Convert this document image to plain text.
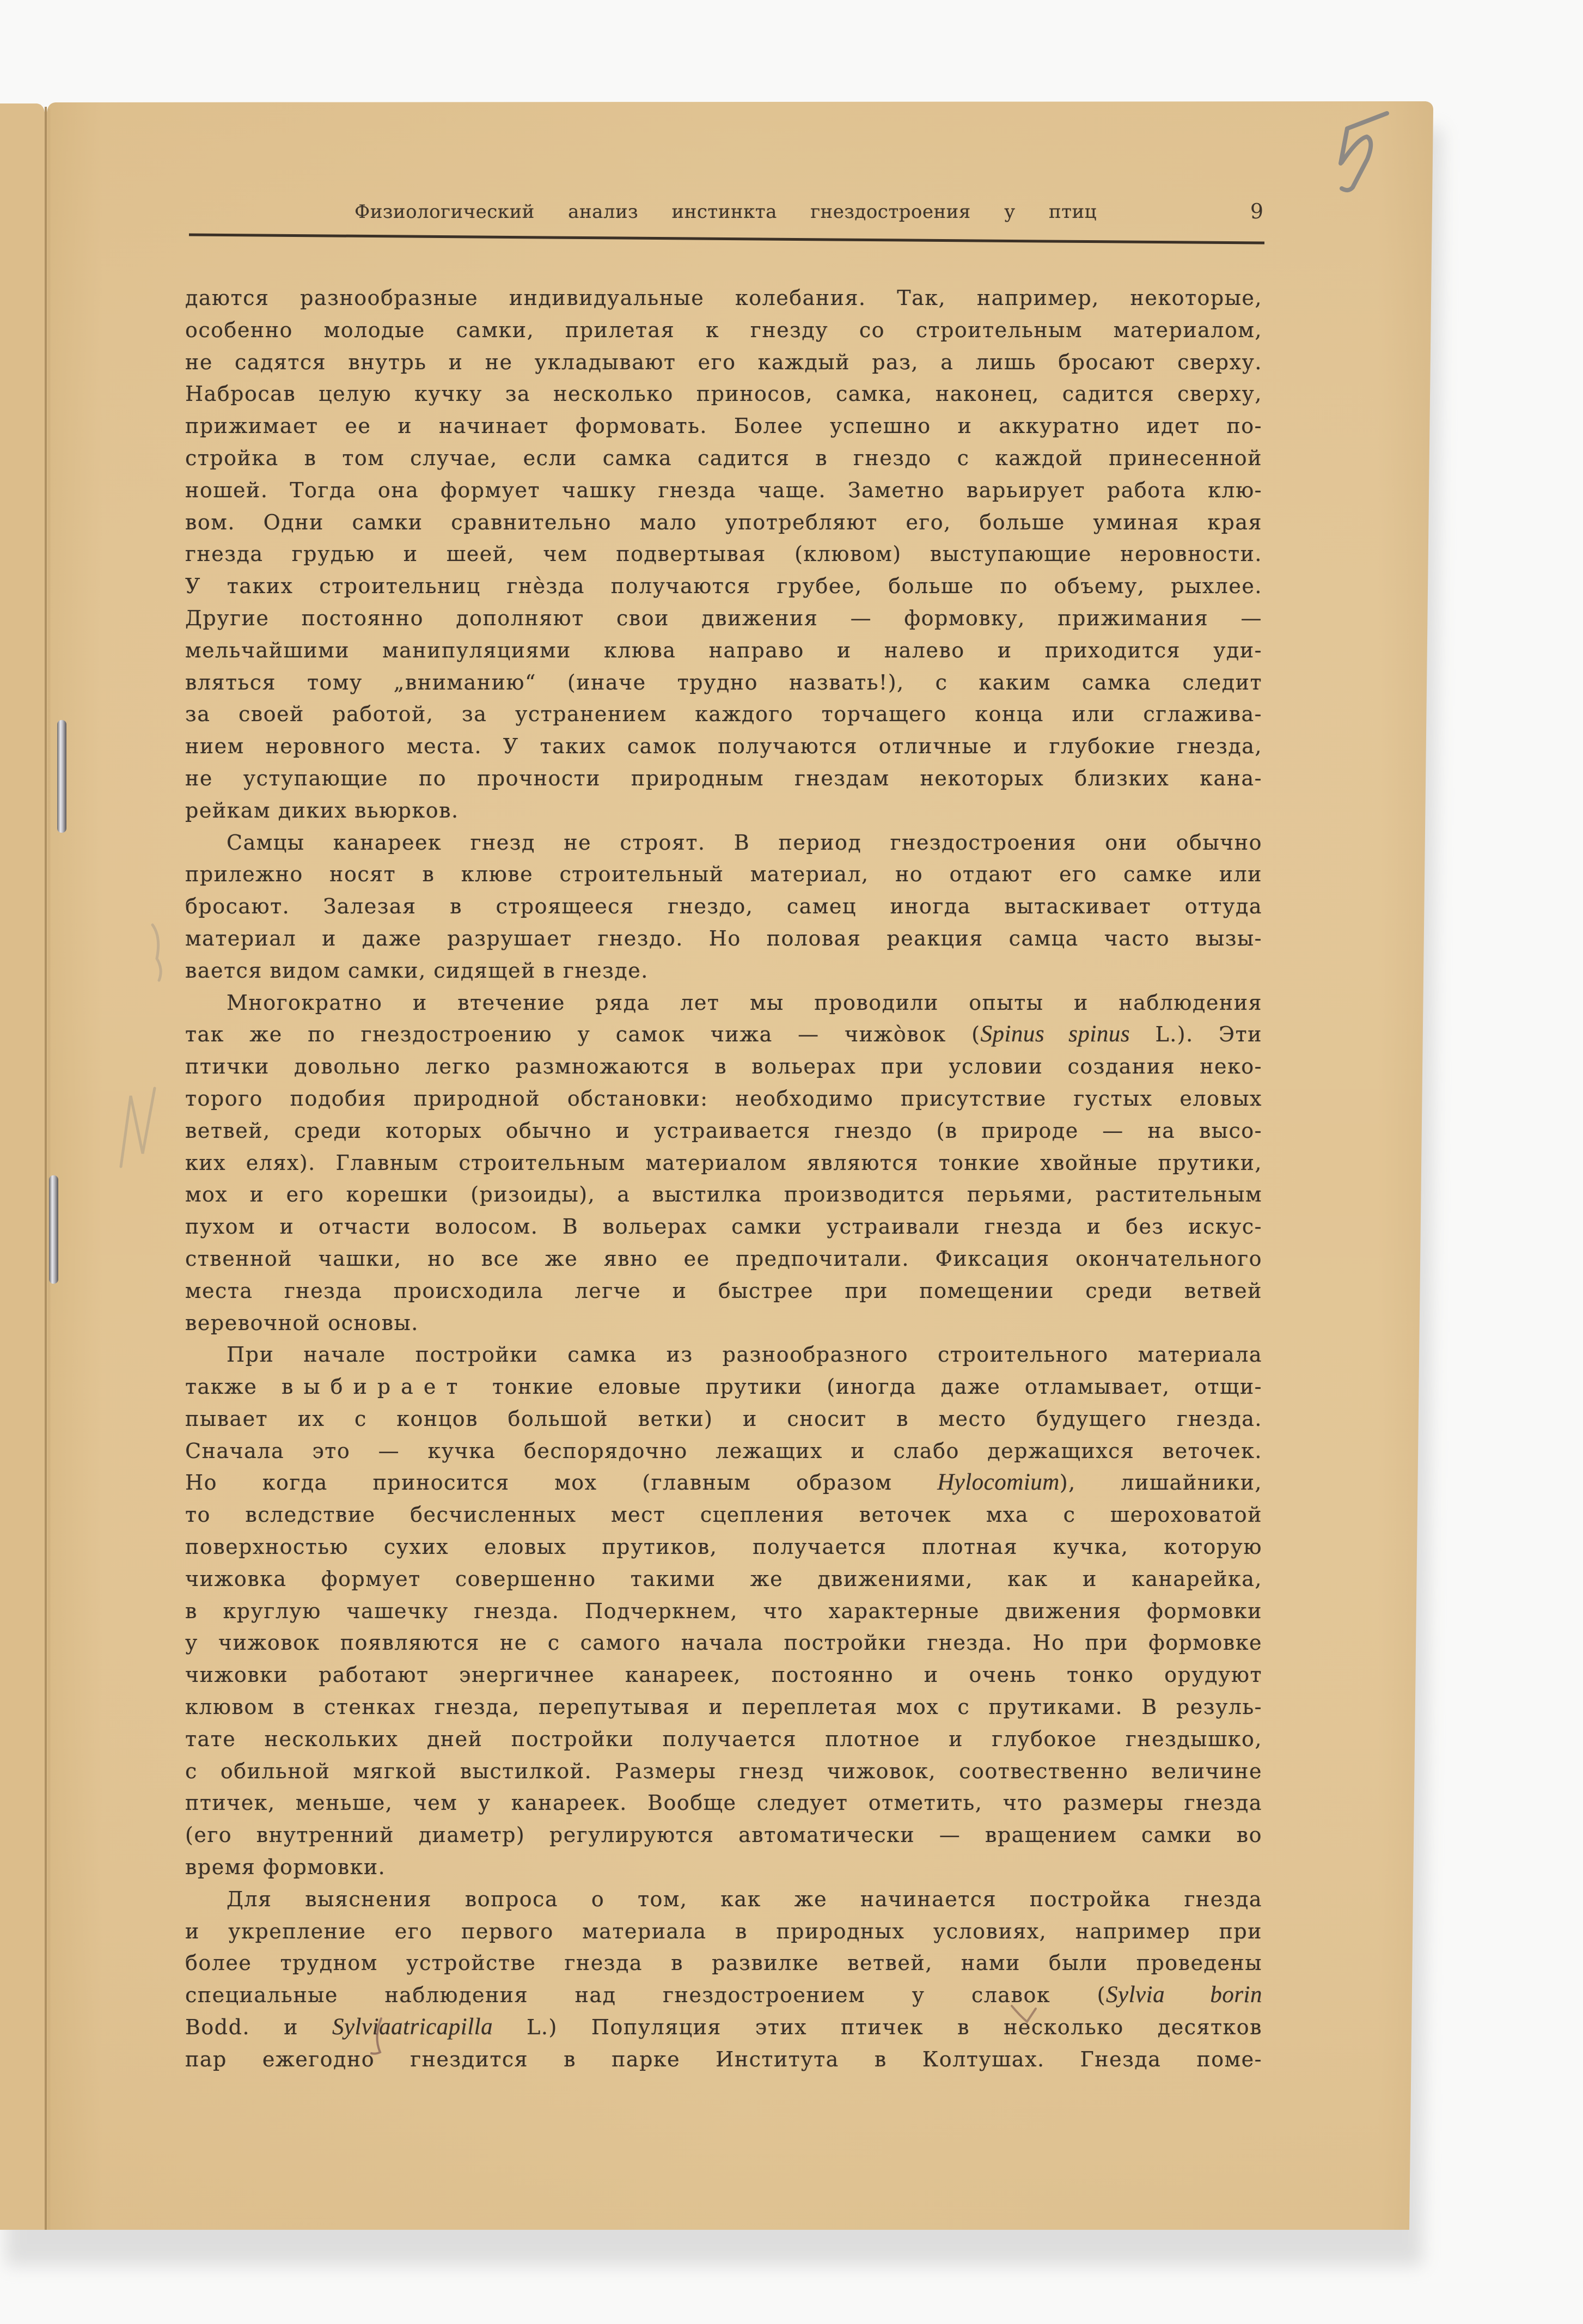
Физиологический анализ инстинкта гнездостроения у птиц	9
даются разнообразные индивидуальные колебания. Так, например, некоторые,
особенно молодые самки, прилетая к гнезду со строительным материалом,
не садятся внутрь и не укладывают его каждый раз, а лишь бросают сверху.
Набросав целую кучку за несколько приносов, самка, наконец, садится сверху,
прижимает ее и начинает формовать. Более успешно и аккуратно идет по-
стройка в том случае, если самка садится в гнездо с каждой принесенной
ношей. Тогда она формует чашку гнезда чаще. Заметно варьирует работа клю-
вом. Одни самки сравнительно мало употребляют его, больше уминая края
гнезда грудью и шеей, чем подвертывая (клювом) выступающие неровности.
У таких строительниц гнѐзда получаются грубее, больше по объему, рыхлее.
Другие постоянно дополняют свои движения — формовку, прижимания —
мельчайшими манипуляциями клюва направо и налево и приходится уди-
вляться тому „вниманию“ (иначе трудно назвать!), с каким самка следит
за своей работой, за устранением каждого торчащего конца или сглажива-
нием неровного места. У таких самок получаются отличные и глубокие гнезда,
не уступающие по прочности природным гнездам некоторых близких кана-
рейкам диких вьюрков.
Самцы канареек гнезд не строят. В период гнездостроения они обычно
прилежно носят в клюве строительный материал, но отдают его самке или
бросают. Залезая в строящееся гнездо, самец иногда вытаскивает оттуда
материал и даже разрушает гнездо. Но половая реакция самца часто вызы-
вается видом самки, сидящей в гнезде.
Многократно и втечение ряда лет мы проводили опыты и наблюдения
так же по гнездостроению у самок чижа — чижо̀вок (Spinus spinus L.). Эти
птички довольно легко размножаются в вольерах при условии создания неко-
торого подобия природной обстановки: необходимо присутствие густых еловых
ветвей, среди которых обычно и устраивается гнездо (в природе — на высо-
ких елях). Главным строительным материалом являются тонкие хвойные прутики,
мох и его корешки (ризоиды), а выстилка производится перьями, растительным
пухом и отчасти волосом. В вольерах самки устраивали гнезда и без искус-
ственной чашки, но все же явно ее предпочитали. Фиксация окончательного
места гнезда происходила легче и быстрее при помещении среди ветвей
веревочной основы.
При начале постройки самка из разнообразного строительного материала
также выбирает тонкие еловые прутики (иногда даже отламывает, отщи-
пывает их с концов большой ветки) и сносит в место будущего гнезда.
Сначала это — кучка беспорядочно лежащих и слабо держащихся веточек.
Но когда приносится мох (главным образом Hylocomium), лишайники,
то вследствие бесчисленных мест сцепления веточек мха с шероховатой
поверхностью сухих еловых прутиков, получается плотная кучка, которую
чижовка формует совершенно такими же движениями, как и канарейка,
в круглую чашечку гнезда. Подчеркнем, что характерные движения формовки
у чижовок появляются не с самого начала постройки гнезда. Но при формовке
чижовки работают энергичнее канареек, постоянно и очень тонко орудуют
клювом в стенках гнезда, перепутывая и переплетая мох с прутиками. В резуль-
тате нескольких дней постройки получается плотное и глубокое гнездышко,
с обильной мягкой выстилкой. Размеры гнезд чижовок, соотвественно величине
птичек, меньше, чем у канареек. Вообще следует отметить, что размеры гнезда
(его внутренний диаметр) регулируются автоматически — вращением самки во
время формовки.
Для выяснения вопроса о том, как же начинается постройка гнезда
и укрепление его первого материала в природных условиях, например при
более трудном устройстве гнезда в развилке ветвей, нами были проведены
специальные наблюдения над гнездостроением у славок (Sylvia borin
Bodd. и Sylviaatricapilla L.) Популяция этих птичек в несколько десятков
пар ежегодно гнездится в парке Института в Колтушах. Гнезда поме-
